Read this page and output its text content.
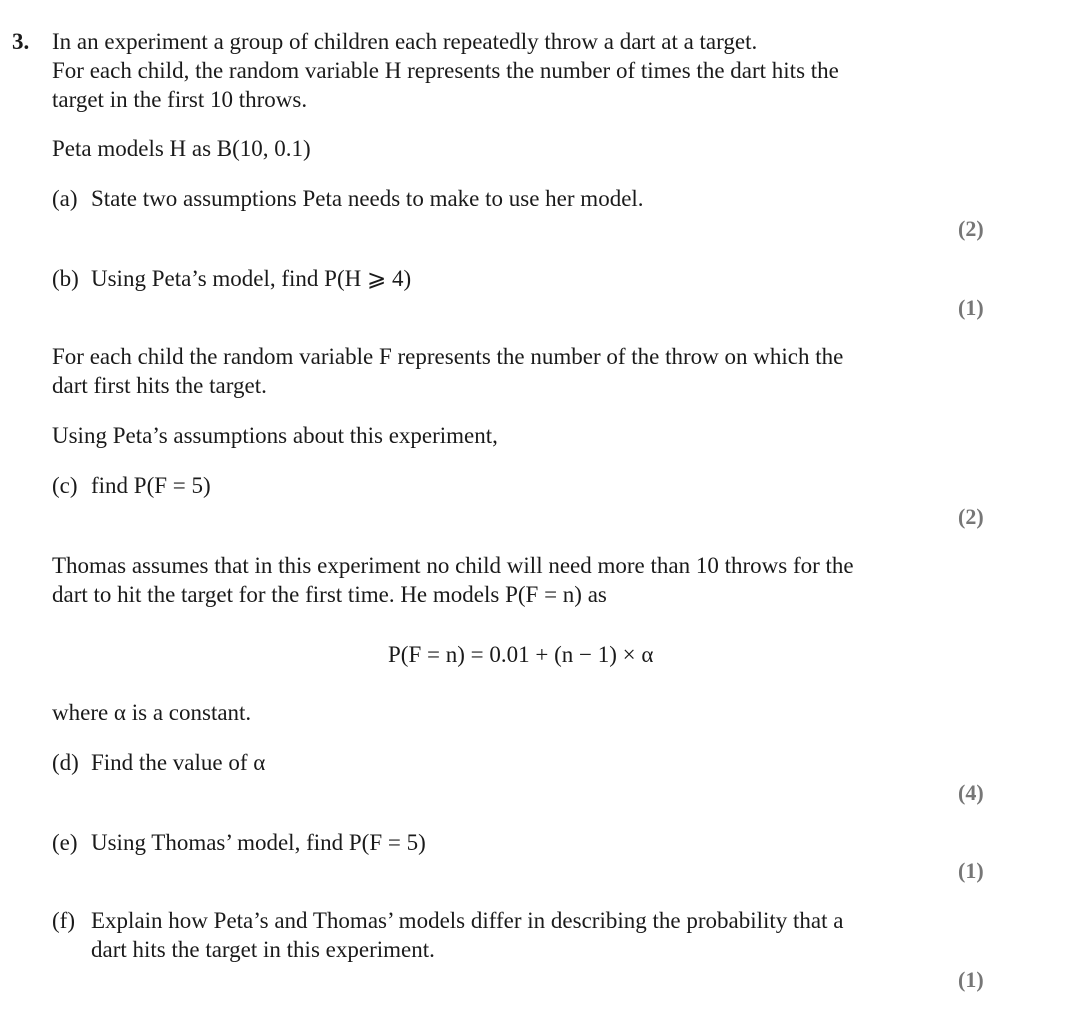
3. In an experiment a group of children each repeatedly throw a dart at a target.
For each child, the random variable H represents the number of times the dart hits the
target in the first 10 throws.
Peta models H as B(10, 0.1)
(a) State two assumptions Peta needs to make to use her model.
(2)
(b) Using Peta’s model, find P(H ⩾ 4)
(1)
For each child the random variable F represents the number of the throw on which the
dart first hits the target.
Using Peta’s assumptions about this experiment,
(c) find P(F = 5)
(2)
Thomas assumes that in this experiment no child will need more than 10 throws for the
dart to hit the target for the first time. He models P(F = n) as
P(F = n) = 0.01 + (n − 1) × α
where α is a constant.
(d) Find the value of α
(4)
(e) Using Thomas’ model, find P(F = 5)
(1)
(f) Explain how Peta’s and Thomas’ models differ in describing the probability that a
dart hits the target in this experiment.
(1)
